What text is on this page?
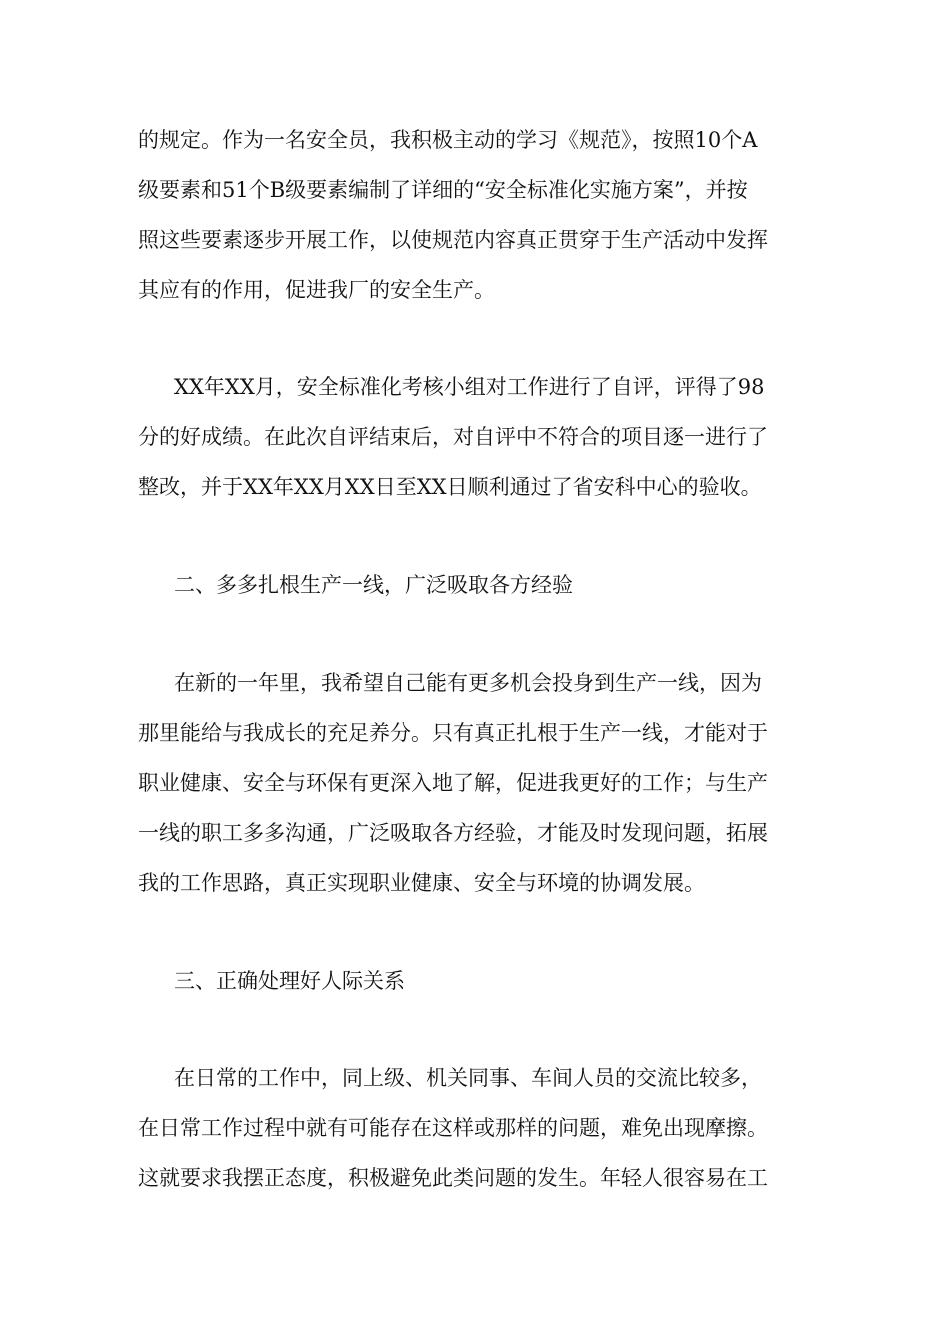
的规定。作为一名安全员，我积极主动的学习《规范》，按照10个A

级要素和51个B级要素编制了详细的“安全标准化实施方案”，并按

照这些要素逐步开展工作，以使规范内容真正贯穿于生产活动中发挥

其应有的作用，促进我厂的安全生产。

XX年XX月，安全标准化考核小组对工作进行了自评，评得了98

分的好成绩。在此次自评结束后，对自评中不符合的项目逐一进行了

整改，并于XX年XX月XX日至XX日顺利通过了省安科中心的验收。

二、多多扎根生产一线，广泛吸取各方经验

在新的一年里，我希望自己能有更多机会投身到生产一线，因为

那里能给与我成长的充足养分。只有真正扎根于生产一线，才能对于

职业健康、安全与环保有更深入地了解，促进我更好的工作；与生产

一线的职工多多沟通，广泛吸取各方经验，才能及时发现问题，拓展

我的工作思路，真正实现职业健康、安全与环境的协调发展。

三、正确处理好人际关系

在日常的工作中，同上级、机关同事、车间人员的交流比较多，

在日常工作过程中就有可能存在这样或那样的问题，难免出现摩擦。

这就要求我摆正态度，积极避免此类问题的发生。年轻人很容易在工
